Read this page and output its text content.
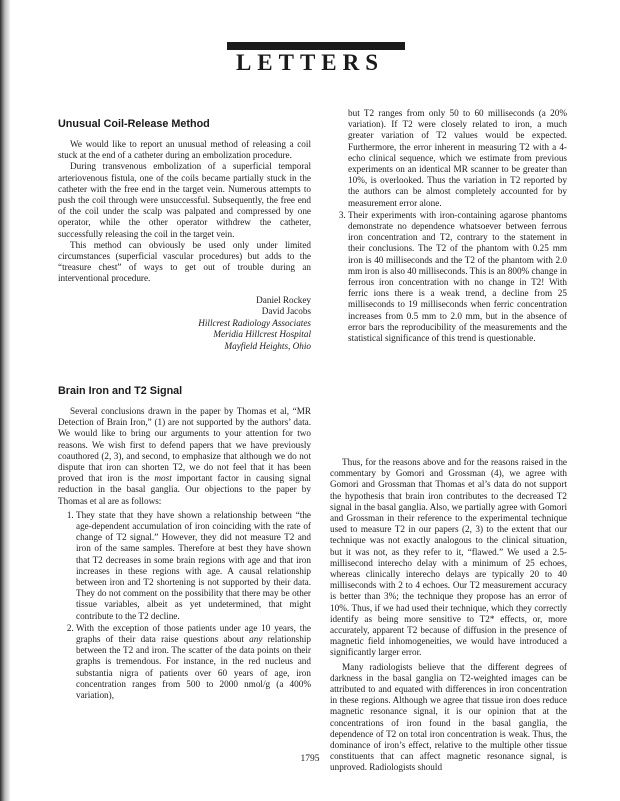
LETTERS
Unusual Coil-Release Method

We would like to report an unusual method of releasing a coil stuck at the end of a catheter during an embolization procedure.

During transvenous embolization of a superficial temporal arteriovenous fistula, one of the coils became partially stuck in the catheter with the free end in the target vein. Numerous attempts to push the coil through were unsuccessful. Subsequently, the free end of the coil under the scalp was palpated and compressed by one operator, while the other operator withdrew the catheter, successfully releasing the coil in the target vein.

This method can obviously be used only under limited circumstances (superficial vascular procedures) but adds to the “treasure chest” of ways to get out of trouble during an interventional procedure.

Daniel Rockey
David Jacobs
Hillcrest Radiology Associates
Meridia Hillcrest Hospital
Mayfield Heights, Ohio
Brain Iron and T2 Signal

Several conclusions drawn in the paper by Thomas et al, “MR Detection of Brain Iron,” (1) are not supported by the authors’ data. We would like to bring our arguments to your attention for two reasons. We wish first to defend papers that we have previously coauthored (2, 3), and second, to emphasize that although we do not dispute that iron can shorten T2, we do not feel that it has been proved that iron is the most important factor in causing signal reduction in the basal ganglia. Our objections to the paper by Thomas et al are as follows:

1. They state that they have shown a relationship between “the age-dependent accumulation of iron coinciding with the rate of change of T2 signal.” However, they did not measure T2 and iron of the same samples. Therefore at best they have shown that T2 decreases in some brain regions with age and that iron increases in these regions with age. A causal relationship between iron and T2 shortening is not supported by their data. They do not comment on the possibility that there may be other tissue variables, albeit as yet undetermined, that might contribute to the T2 decline.
2. With the exception of those patients under age 10 years, the graphs of their data raise questions about any relationship between the T2 and iron. The scatter of the data points on their graphs is tremendous. For instance, in the red nucleus and substantia nigra of patients over 60 years of age, iron concentration ranges from 500 to 2000 nmol/g (a 400% variation),
but T2 ranges from only 50 to 60 milliseconds (a 20% variation). If T2 were closely related to iron, a much greater variation of T2 values would be expected. Furthermore, the error inherent in measuring T2 with a 4-echo clinical sequence, which we estimate from previous experiments on an identical MR scanner to be greater than 10%, is overlooked. Thus the variation in T2 reported by the authors can be almost completely accounted for by measurement error alone.
3. Their experiments with iron-containing agarose phantoms demonstrate no dependence whatsoever between ferrous iron concentration and T2, contrary to the statement in their conclusions. The T2 of the phantom with 0.25 mm iron is 40 milliseconds and the T2 of the phantom with 2.0 mm iron is also 40 milliseconds. This is an 800% change in ferrous iron concentration with no change in T2! With ferric ions there is a weak trend, a decline from 25 milliseconds to 19 milliseconds when ferric concentration increases from 0.5 mm to 2.0 mm, but in the absence of error bars the reproducibility of the measurements and the statistical significance of this trend is questionable.

Thus, for the reasons above and for the reasons raised in the commentary by Gomori and Grossman (4), we agree with Gomori and Grossman that Thomas et al’s data do not support the hypothesis that brain iron contributes to the decreased T2 signal in the basal ganglia. Also, we partially agree with Gomori and Grossman in their reference to the experimental technique used to measure T2 in our papers (2, 3) to the extent that our technique was not exactly analogous to the clinical situation, but it was not, as they refer to it, “flawed.” We used a 2.5-millisecond interecho delay with a minimum of 25 echoes, whereas clinically interecho delays are typically 20 to 40 milliseconds with 2 to 4 echoes. Our T2 measurement accuracy is better than 3%; the technique they propose has an error of 10%. Thus, if we had used their technique, which they correctly identify as being more sensitive to T2* effects, or, more accurately, apparent T2 because of diffusion in the presence of magnetic field inhomogeneities, we would have introduced a significantly larger error.

Many radiologists believe that the different degrees of darkness in the basal ganglia on T2-weighted images can be attributed to and equated with differences in iron concentration in these regions. Although we agree that tissue iron does reduce magnetic resonance signal, it is our opinion that at the concentrations of iron found in the basal ganglia, the dependence of T2 on total iron concentration is weak. Thus, the dominance of iron’s effect, relative to the multiple other tissue constituents that can affect magnetic resonance signal, is unproved. Radiologists should

1795
